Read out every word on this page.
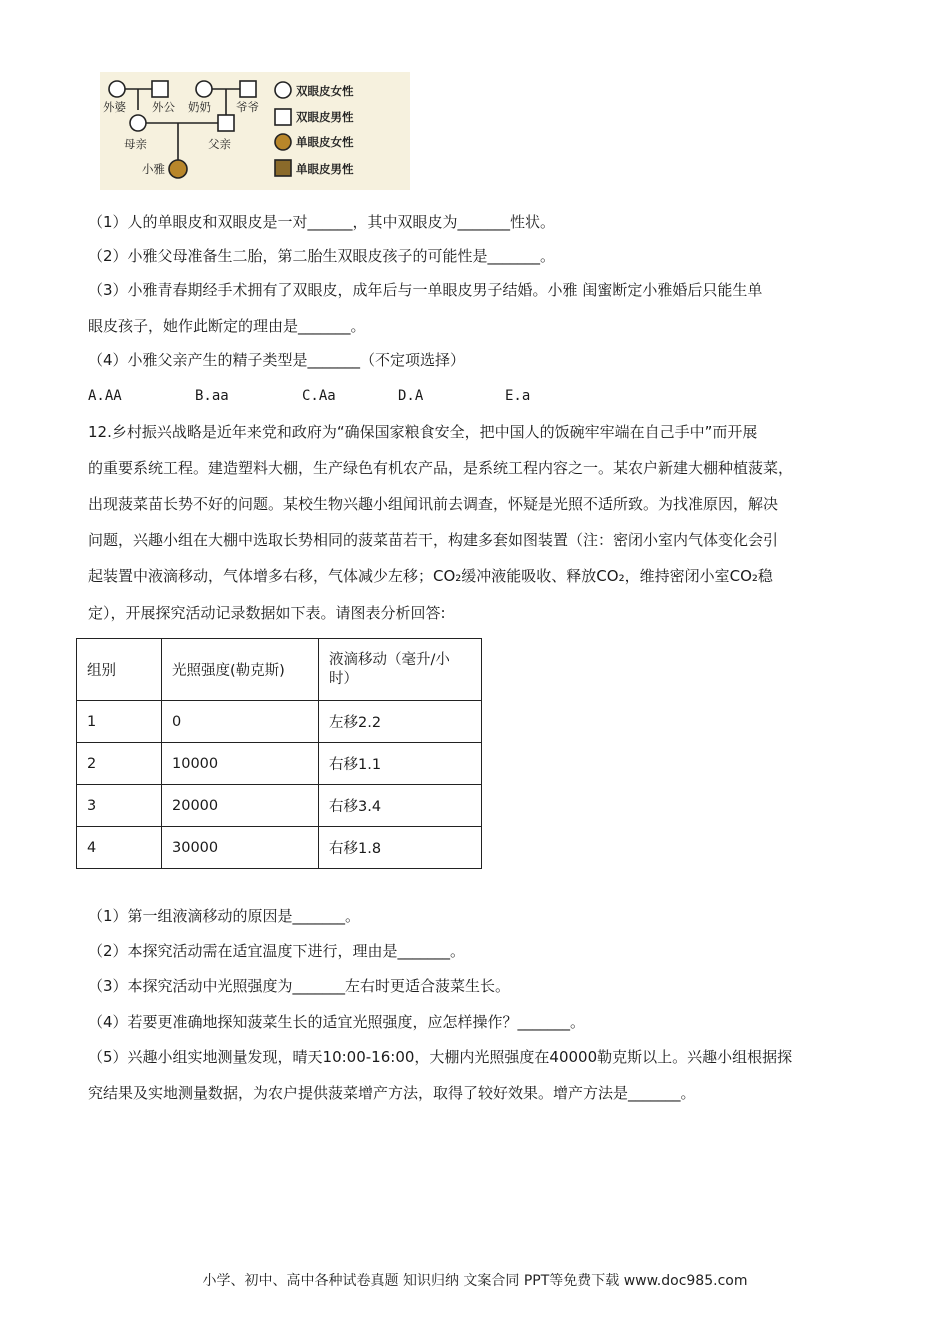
外婆 外公 奶奶 爷爷
母亲	父亲
小雅
双眼皮女性
双眼皮男性
单眼皮女性
单眼皮男性
（1）人的单眼皮和双眼皮是一对______，其中双眼皮为_______性状。
（2）小雅父母准备生二胎，第二胎生双眼皮孩子的可能性是_______。
（3）小雅青春期经手术拥有了双眼皮，成年后与一单眼皮男子结婚。小雅 闺蜜断定小雅婚后只能生单
眼皮孩子，她作此断定的理由是_______。
（4）小雅父亲产生的精子类型是_______（不定项选择）
A.AA	B.aa	C.Aa	D.A	E.a
12.乡村振兴战略是近年来党和政府为“确保国家粮食安全，把中国人的饭碗牢牢端在自己手中”而开展
的重要系统工程。建造塑料大棚，生产绿色有机农产品，是系统工程内容之一。某农户新建大棚种植菠菜，
出现菠菜苗长势不好的问题。某校生物兴趣小组闻讯前去调查，怀疑是光照不适所致。为找准原因，解决
问题，兴趣小组在大棚中选取长势相同的菠菜苗若干，构建多套如图装置（注：密闭小室内气体变化会引
起装置中液滴移动，气体增多右移，气体减少左移；CO₂缓冲液能吸收、释放CO₂，维持密闭小室CO₂稳
定），开展探究活动记录数据如下表。请图表分析回答:
组别	光照强度(勒克斯)	液滴移动（毫升/小时）
1	0	左移2.2
2	10000	右移1.1
3	20000	右移3.4
4	30000	右移1.8
（1）第一组液滴移动的原因是_______。
（2）本探究活动需在适宜温度下进行，理由是_______。
（3）本探究活动中光照强度为_______左右时更适合菠菜生长。
（4）若要更准确地探知菠菜生长的适宜光照强度，应怎样操作？_______。
（5）兴趣小组实地测量发现，晴天10:00-16:00，大棚内光照强度在40000勒克斯以上。兴趣小组根据探
究结果及实地测量数据，为农户提供菠菜增产方法，取得了较好效果。增产方法是_______。
小学、初中、高中各种试卷真题 知识归纳 文案合同 PPT等免费下载 www.doc985.com
